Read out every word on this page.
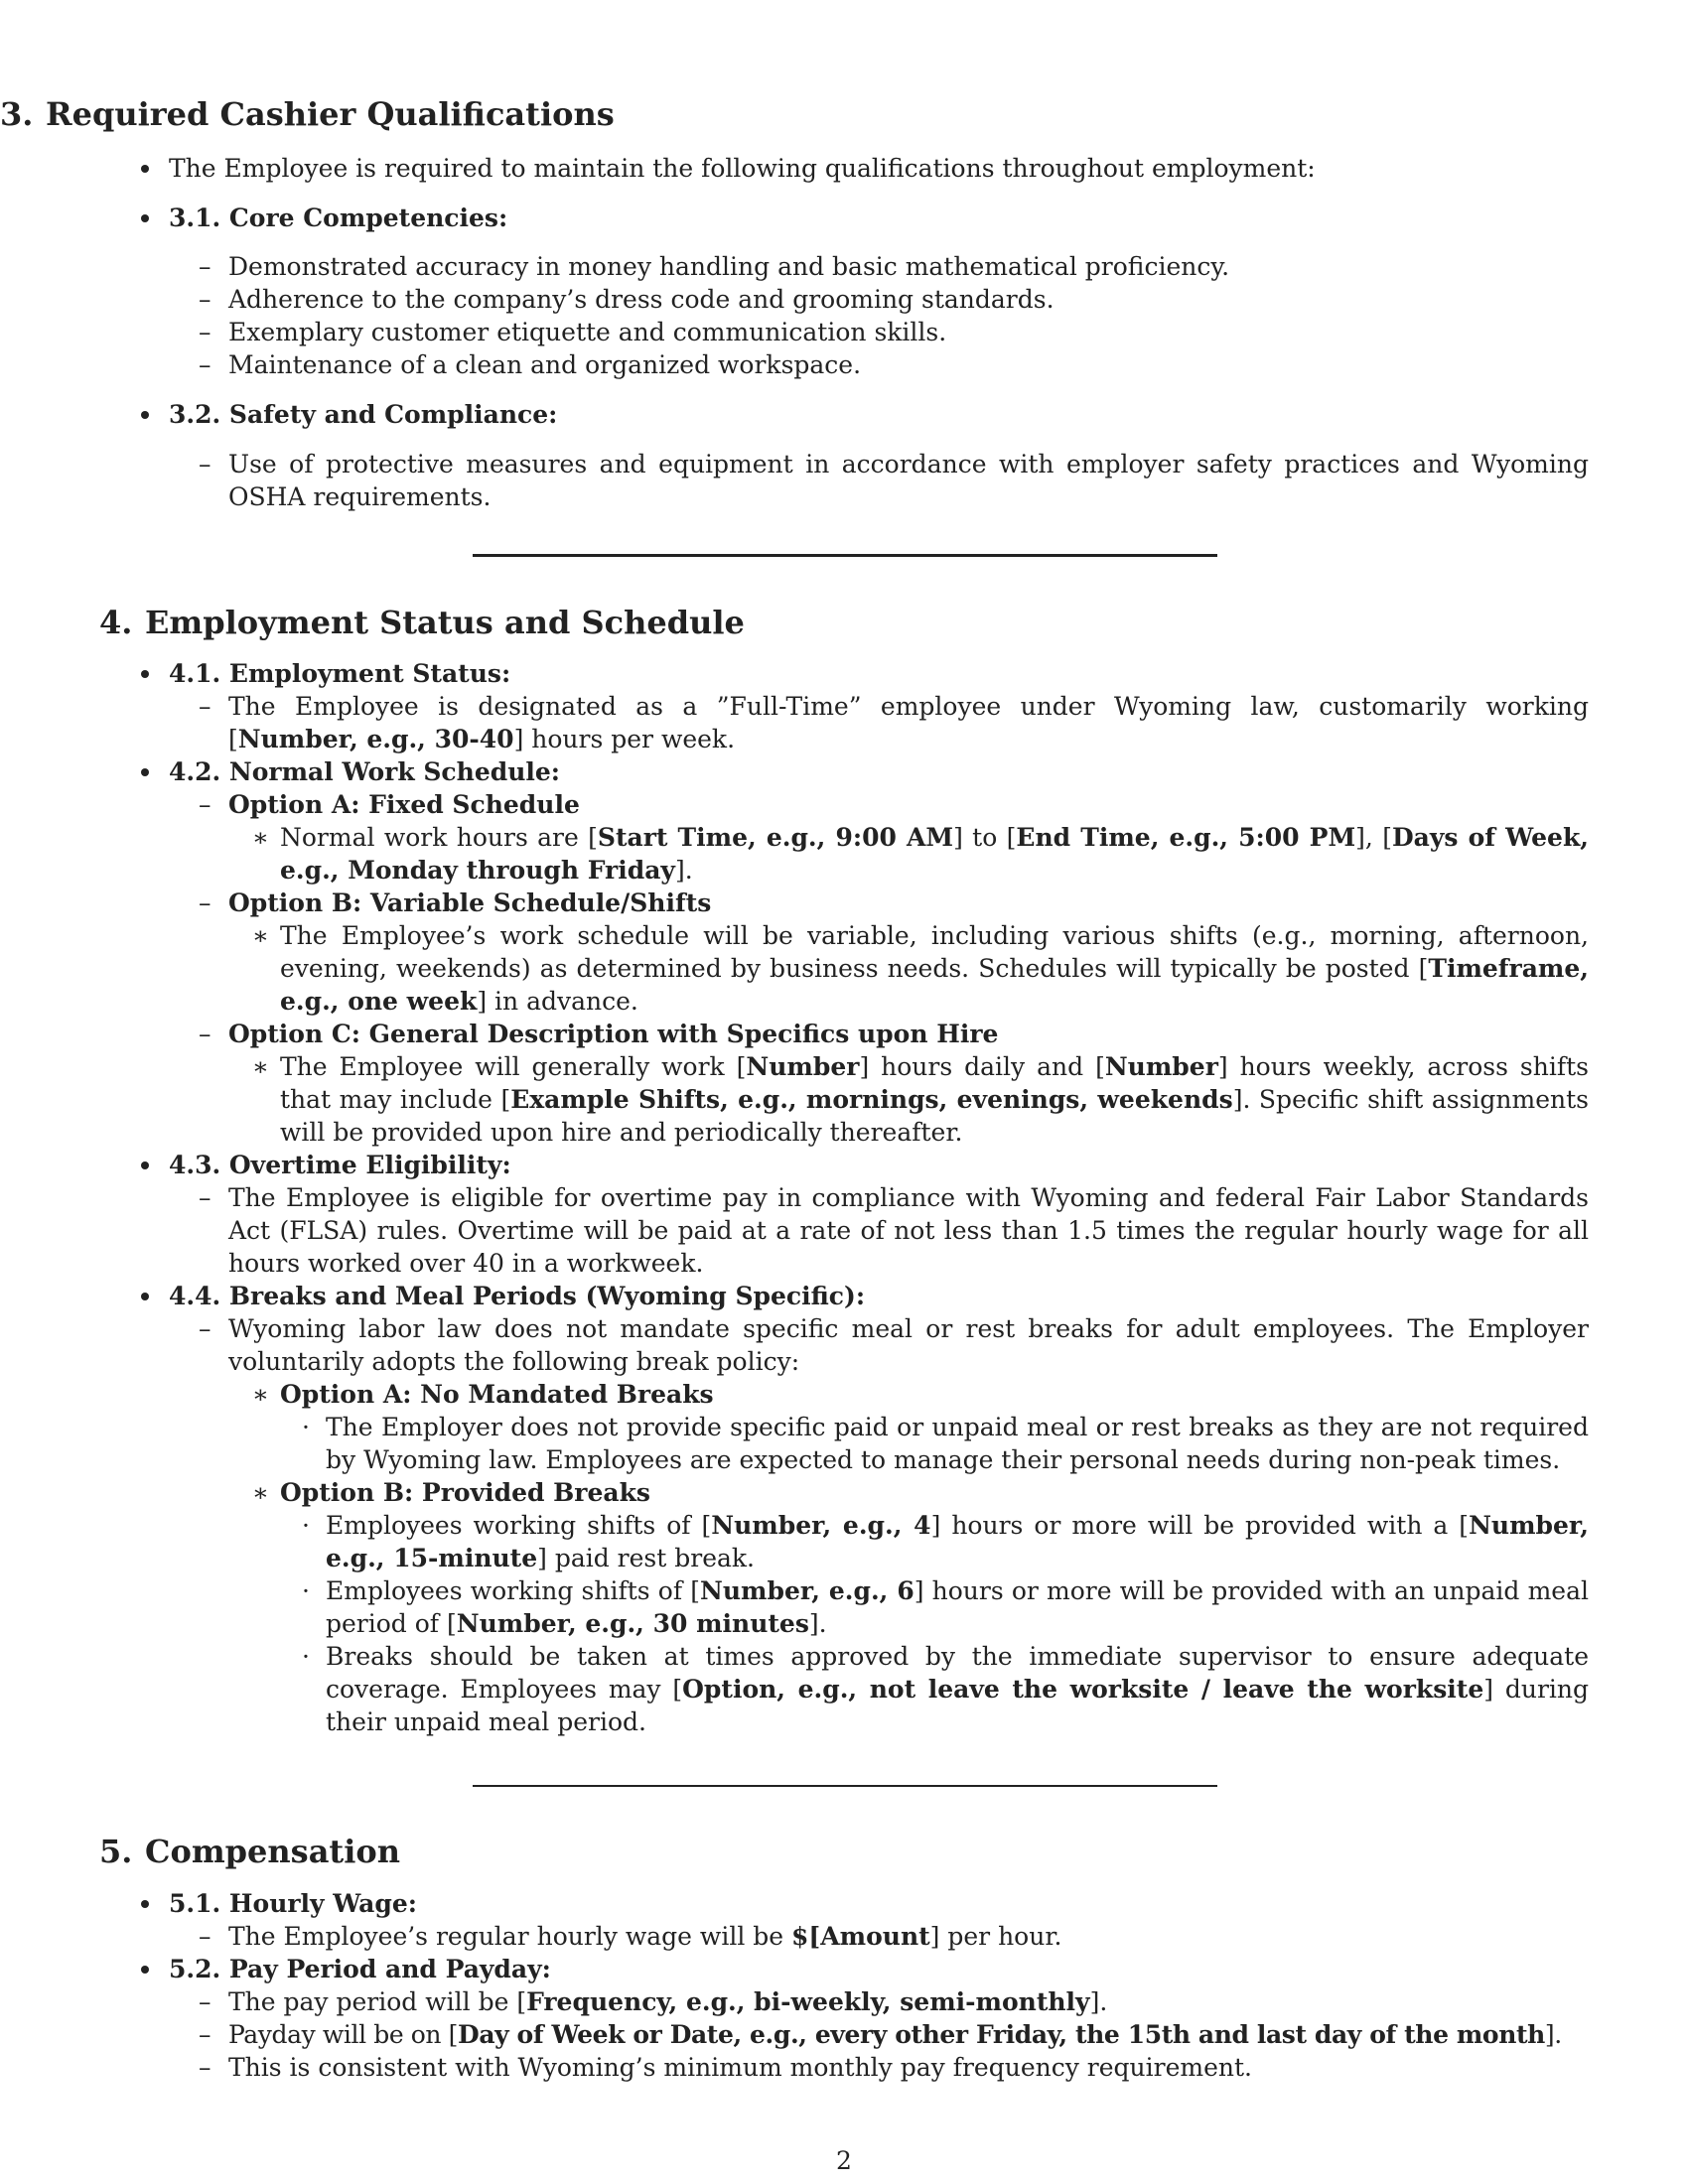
3. Required Cashier Qualifications
The Employee is required to maintain the following qualifications throughout employment:
3.1. Core Competencies:
– Demonstrated accuracy in money handling and basic mathematical proficiency.
– Adherence to the company’s dress code and grooming standards.
– Exemplary customer etiquette and communication skills.
– Maintenance of a clean and organized workspace.
3.2. Safety and Compliance:
– Use of protective measures and equipment in accordance with employer safety practices and Wyoming OSHA requirements.
4. Employment Status and Schedule
4.1. Employment Status:
– The Employee is designated as a ”Full-Time” employee under Wyoming law, customarily working [Number, e.g., 30-40] hours per week.
4.2. Normal Work Schedule:
– Option A: Fixed Schedule
∗ Normal work hours are [Start Time, e.g., 9:00 AM] to [End Time, e.g., 5:00 PM], [Days of Week, e.g., Monday through Friday].
– Option B: Variable Schedule/Shifts
∗ The Employee’s work schedule will be variable, including various shifts (e.g., morning, afternoon, evening, weekends) as determined by business needs. Schedules will typically be posted [Timeframe, e.g., one week] in advance.
– Option C: General Description with Specifics upon Hire
∗ The Employee will generally work [Number] hours daily and [Number] hours weekly, across shifts that may include [Example Shifts, e.g., mornings, evenings, weekends]. Specific shift assignments will be provided upon hire and periodically thereafter.
4.3. Overtime Eligibility:
– The Employee is eligible for overtime pay in compliance with Wyoming and federal Fair Labor Standards Act (FLSA) rules. Overtime will be paid at a rate of not less than 1.5 times the regular hourly wage for all hours worked over 40 in a workweek.
4.4. Breaks and Meal Periods (Wyoming Specific):
– Wyoming labor law does not mandate specific meal or rest breaks for adult employees. The Employer voluntarily adopts the following break policy:
∗ Option A: No Mandated Breaks
· The Employer does not provide specific paid or unpaid meal or rest breaks as they are not required by Wyoming law. Employees are expected to manage their personal needs during non-peak times.
∗ Option B: Provided Breaks
· Employees working shifts of [Number, e.g., 4] hours or more will be provided with a [Number, e.g., 15-minute] paid rest break.
· Employees working shifts of [Number, e.g., 6] hours or more will be provided with an unpaid meal period of [Number, e.g., 30 minutes].
· Breaks should be taken at times approved by the immediate supervisor to ensure adequate coverage. Employees may [Option, e.g., not leave the worksite / leave the worksite] during their unpaid meal period.
5. Compensation
5.1. Hourly Wage:
– The Employee’s regular hourly wage will be $[Amount] per hour.
5.2. Pay Period and Payday:
– The pay period will be [Frequency, e.g., bi-weekly, semi-monthly].
– Payday will be on [Day of Week or Date, e.g., every other Friday, the 15th and last day of the month].
– This is consistent with Wyoming’s minimum monthly pay frequency requirement.
2
